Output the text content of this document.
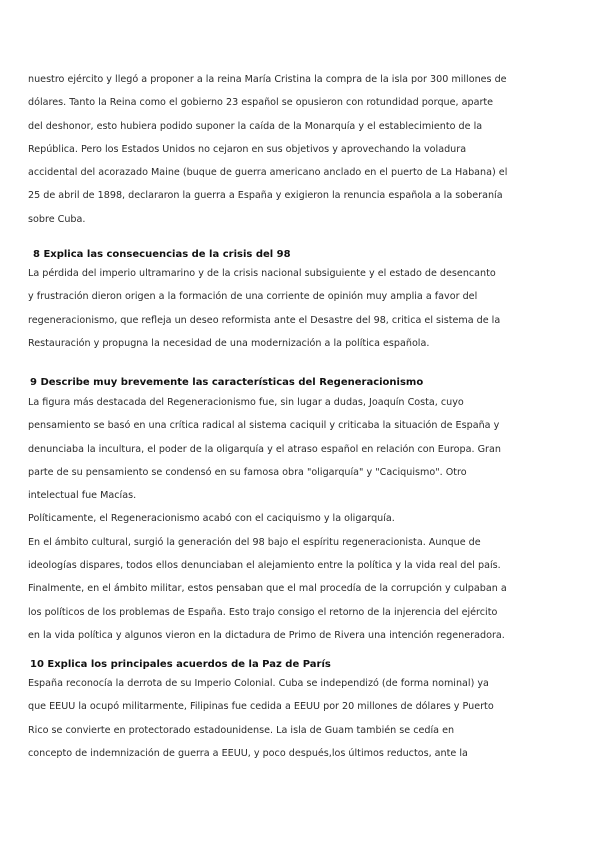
nuestro ejército y llegó a proponer a la reina María Cristina la compra de la isla por 300 millones de
dólares. Tanto la Reina como el gobierno 23 español se opusieron con rotundidad porque, aparte
del deshonor, esto hubiera podido suponer la caída de la Monarquía y el establecimiento de la
República. Pero los Estados Unidos no cejaron en sus objetivos y aprovechando la voladura
accidental del acorazado Maine (buque de guerra americano anclado en el puerto de La Habana) el
25 de abril de 1898, declararon la guerra a España y exigieron la renuncia española a la soberanía
sobre Cuba.
8 Explica las consecuencias de la crisis del 98
La pérdida del imperio ultramarino y de la crisis nacional subsiguiente y el estado de desencanto
y frustración dieron origen a la formación de una corriente de opinión muy amplia a favor del
regeneracionismo, que refleja un deseo reformista ante el Desastre del 98, critica el sistema de la
Restauración y propugna la necesidad de una modernización a la política española.
9 Describe muy brevemente las características del Regeneracionismo
La figura más destacada del Regeneracionismo fue, sin lugar a dudas, Joaquín Costa, cuyo
pensamiento se basó en una crítica radical al sistema caciquil y criticaba la situación de España y
denunciaba la incultura, el poder de la oligarquía y el atraso español en relación con Europa. Gran
parte de su pensamiento se condensó en su famosa obra "oligarquía" y "Caciquismo". Otro
intelectual fue Macías.
Políticamente, el Regeneracionismo acabó con el caciquismo y la oligarquía.
En el ámbito cultural, surgió la generación del 98 bajo el espíritu regeneracionista. Aunque de
ideologías dispares, todos ellos denunciaban el alejamiento entre la política y la vida real del país.
Finalmente, en el ámbito militar, estos pensaban que el mal procedía de la corrupción y culpaban a
los políticos de los problemas de España. Esto trajo consigo el retorno de la injerencia del ejército
en la vida política y algunos vieron en la dictadura de Primo de Rivera una intención regeneradora.
10 Explica los principales acuerdos de la Paz de París
España reconocía la derrota de su Imperio Colonial. Cuba se independizó (de forma nominal) ya
que EEUU la ocupó militarmente, Filipinas fue cedida a EEUU por 20 millones de dólares y Puerto
Rico se convierte en protectorado estadounidense. La isla de Guam también se cedía en
concepto de indemnización de guerra a EEUU, y poco después,los últimos reductos, ante la
